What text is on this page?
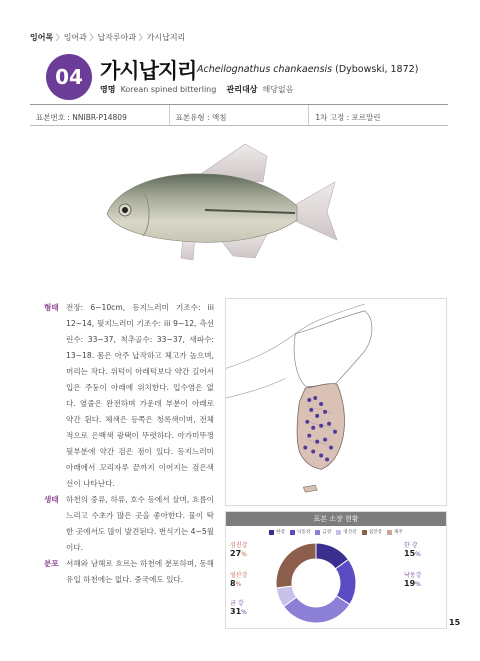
잉어목 〉잉어과 〉납자루아과 〉가시납지리
04 가시납지리 Acheilognathus chankaensis (Dybowski, 1872)
영명 Korean spined bitterling 관리대상 해당없음
표본번호 : NNIBR-P14809	표본유형 : 액침	1차 고정 : 포르말린
형태 전장: 6~10cm, 등지느러미 기조수: iii 12~14, 뒷지느러미 기조수: iii 9~12, 측선 린수: 33~37, 척추골수: 33~37, 새파수: 13~18. 몸은 아주 납작하고 체고가 높으며, 머리는 작다. 위턱이 아래턱보다 약간 길어서 입은 주둥이 아래에 위치한다. 입수염은 없다. 옆줄은 완전하며 가운데 부분이 아래로 약간 휜다. 체색은 등쪽은 청록색이며, 전체적으로 은백색 광택이 뚜렷하다. 아가미뚜껑 뒷부분에 약간 검은 점이 있다. 등지느러미 아래에서 꼬리자루 끝까지 이어지는 검은색 선이 나타난다.
생태 하천의 중류, 하류, 호수 등에서 살며, 흐름이 느리고 수초가 많은 곳을 좋아한다. 물이 탁한 곳에서도 많이 발견된다. 번식기는 4~5월이다.
분포 서해와 남해로 흐르는 하천에 분포하며, 동해 유입 하천에는 없다. 중국에도 있다.
표본 소장 현황
한강	낙동강	금강	영산강	섬진강	제주
섬진강
27%
영산강
8%
금 강
31%
한 강
15%
낙동강
19%
15
